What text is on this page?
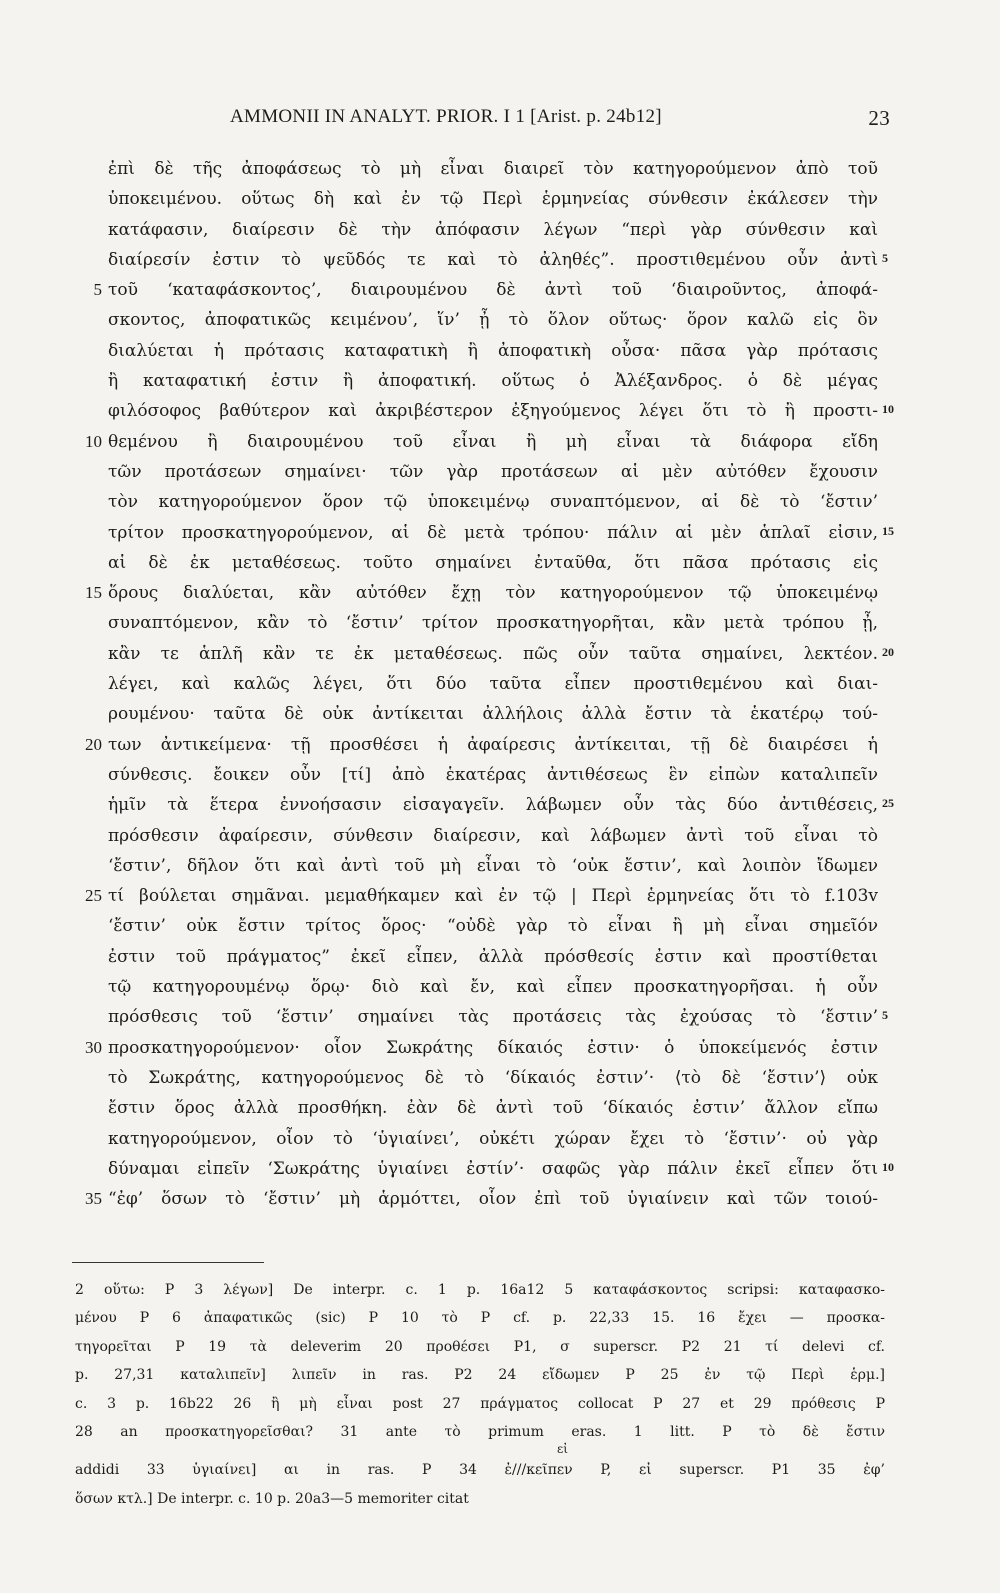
AMMONII IN ANALYT. PRIOR. I 1 [Arist. p. 24b12]	23
ἐπὶ δὲ τῆς ἀποφάσεως τὸ μὴ εἶναι διαιρεῖ τὸν κατηγορούμενον ἀπὸ τοῦ
ὑποκειμένου. οὕτως δὴ καὶ ἐν τῷ Περὶ ἑρμηνείας σύνθεσιν ἐκάλεσεν τὴν
κατάφασιν, διαίρεσιν δὲ τὴν ἀπόφασιν λέγων “περὶ γὰρ σύνθεσιν καὶ
διαίρεσίν ἐστιν τὸ ψεῦδός τε καὶ τὸ ἀληθές”. προστιθεμένου οὖν ἀντὶ 5
τοῦ ‘καταφάσκοντος’, διαιρουμένου δὲ ἀντὶ τοῦ ‘διαιροῦντος, ἀποφά-
5
σκοντος, ἀποφατικῶς κειμένου’, ἵν’ ᾖ τὸ ὅλον οὕτως· ὅρον καλῶ εἰς ὃν
διαλύεται ἡ πρότασις καταφατικὴ ἢ ἀποφατικὴ οὖσα· πᾶσα γὰρ πρότασις
ἢ καταφατική ἐστιν ἢ ἀποφατική. οὕτως ὁ Ἀλέξανδρος. ὁ δὲ μέγας
φιλόσοφος βαθύτερον καὶ ἀκριβέστερον ἐξηγούμενος λέγει ὅτι τὸ ἢ προστι- 10
θεμένου ἢ διαιρουμένου τοῦ εἶναι ἢ μὴ εἶναι τὰ διάφορα εἴδη
10
τῶν προτάσεων σημαίνει· τῶν γὰρ προτάσεων αἱ μὲν αὐτόθεν ἔχουσιν
τὸν κατηγορούμενον ὅρον τῷ ὑποκειμένῳ συναπτόμενον, αἱ δὲ τὸ ‘ἔστιν’
τρίτον προσκατηγορούμενον, αἱ δὲ μετὰ τρόπου· πάλιν αἱ μὲν ἁπλαῖ εἰσιν, 15
αἱ δὲ ἐκ μεταθέσεως. τοῦτο σημαίνει ἐνταῦθα, ὅτι πᾶσα πρότασις εἰς
ὅρους διαλύεται, κἂν αὐτόθεν ἔχῃ τὸν κατηγορούμενον τῷ ὑποκειμένῳ
15
συναπτόμενον, κἂν τὸ ‘ἔστιν’ τρίτον προσκατηγορῆται, κἂν μετὰ τρόπου ᾖ,
κἂν τε ἁπλῆ κἂν τε ἐκ μεταθέσεως. πῶς οὖν ταῦτα σημαίνει, λεκτέον. 20
λέγει, καὶ καλῶς λέγει, ὅτι δύο ταῦτα εἶπεν προστιθεμένου καὶ διαι-
ρουμένου· ταῦτα δὲ οὐκ ἀντίκειται ἀλλήλοις ἀλλὰ ἔστιν τὰ ἑκατέρῳ τού-
των ἀντικείμενα· τῇ προσθέσει ἡ ἀφαίρεσις ἀντίκειται, τῇ δὲ διαιρέσει ἡ
20
σύνθεσις. ἔοικεν οὖν [τί] ἀπὸ ἑκατέρας ἀντιθέσεως ἓν εἰπὼν καταλιπεῖν
ἡμῖν τὰ ἕτερα ἐννοήσασιν εἰσαγαγεῖν. λάβωμεν οὖν τὰς δύο ἀντιθέσεις, 25
πρόσθεσιν ἀφαίρεσιν, σύνθεσιν διαίρεσιν, καὶ λάβωμεν ἀντὶ τοῦ εἶναι τὸ
‘ἔστιν’, δῆλον ὅτι καὶ ἀντὶ τοῦ μὴ εἶναι τὸ ‘οὐκ ἔστιν’, καὶ λοιπὸν ἴδωμεν
τί βούλεται σημᾶναι. μεμαθήκαμεν καὶ ἐν τῷ | Περὶ ἑρμηνείας ὅτι τὸ f.103v
25
‘ἔστιν’ οὐκ ἔστιν τρίτος ὅρος· “οὐδὲ γὰρ τὸ εἶναι ἢ μὴ εἶναι σημεῖόν
ἐστιν τοῦ πράγματος” ἐκεῖ εἶπεν, ἀλλὰ πρόσθεσίς ἐστιν καὶ προστίθεται
τῷ κατηγορουμένῳ ὅρῳ· διὸ καὶ ἔν, καὶ εἶπεν προσκατηγορῆσαι. ἡ οὖν
πρόσθεσις τοῦ ‘ἔστιν’ σημαίνει τὰς προτάσεις τὰς ἐχούσας τὸ ‘ἔστιν’ 5
προσκατηγορούμενον· οἷον Σωκράτης δίκαιός ἐστιν· ὁ ὑποκείμενός ἐστιν
30
τὸ Σωκράτης, κατηγορούμενος δὲ τὸ ‘δίκαιός ἐστιν’· ⟨τὸ δὲ ‘ἔστιν’⟩ οὐκ
ἔστιν ὅρος ἀλλὰ προσθήκη. ἐὰν δὲ ἀντὶ τοῦ ‘δίκαιός ἐστιν’ ἄλλον εἴπω
κατηγορούμενον, οἷον τὸ ‘ὑγιαίνει’, οὐκέτι χώραν ἔχει τὸ ‘ἔστιν’· οὐ γὰρ
δύναμαι εἰπεῖν ‘Σωκράτης ὑγιαίνει ἐστίν’· σαφῶς γὰρ πάλιν ἐκεῖ εἶπεν ὅτι 10
“ἐφ’ ὅσων τὸ ‘ἔστιν’ μὴ ἁρμόττει, οἷον ἐπὶ τοῦ ὑγιαίνειν καὶ τῶν τοιού-
35
2 οὕτω: P 3 λέγων] De interpr. c. 1 p. 16a12 5 καταφάσκοντος scripsi: καταφασκο-
μένου P 6 ἀπαφατικῶς (sic) P 10 τὸ P cf. p. 22,33 15. 16 ἔχει — προσκα-
τηγορεῖται P 19 τὰ deleverim 20 προθέσει P1, σ superscr. P2 21 τί delevi cf.
p. 27,31 καταλιπεῖν] λιπεῖν in ras. P2 24 εἴδωμεν P 25 ἐν τῷ Περὶ ἑρμ.]
c. 3 p. 16b22 26 ἢ μὴ εἶναι post 27 πράγματος collocat P 27 et 29 πρόθεσις P
28 an προσκατηγορεῖσθαι? 31 ante τὸ primum eras. 1 litt. P τὸ δὲ ἔστιν
εἰ
addidi 33 ὑγιαίνει] αι in ras. P 34 ἐ///κεῖπεν P, εἰ superscr. P1 35 ἐφ’
ὅσων κτλ.] De interpr. c. 10 p. 20a3—5 memoriter citat
